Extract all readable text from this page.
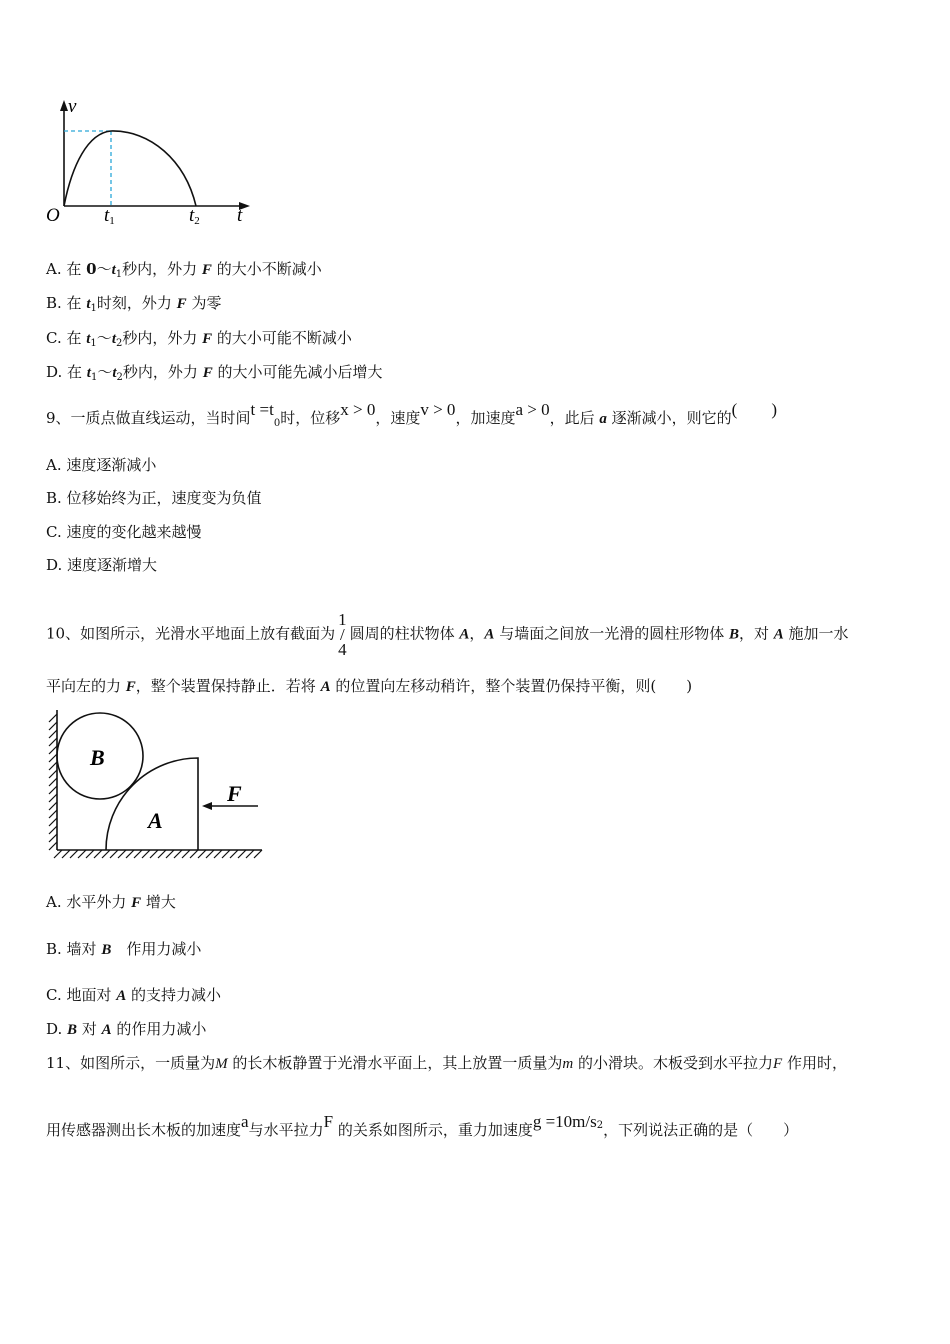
v
O t1	t2 t
B
A
F
A. 在 $0\sim t_1$秒内，外力 F 的大小不断减小
B. 在 $t_1$时刻，外力 F 为零
C. 在 $t_1\sim t_2$秒内，外力 F 的大小可能不断减小
D. 在 $t_1\sim t_2$秒内，外力 F 的大小可能先减小后增大
9、一质点做直线运动，当时间$t =t_0$时，位移x > 0，速度v > 0，加速度a > 0，此后 a 逐渐减小，则它的(　　)
A. 速度逐渐减小
B. 位移始终为正，速度变为负值
C. 速度的变化越来越慢
D. 速度逐渐增大
10、如图所示，光滑水平地面上放有截面为1/4圆周的柱状物体 A，A 与墙面之间放一光滑的圆柱形物体 B，对 A 施加一水
平向左的力 F，整个装置保持静止．若将 A 的位置向左移动稍许，整个装置仍保持平衡，则(　　)
A. 水平外力 F 增大
B. 墙对 B　作用力减小
C. 地面对 A 的支持力减小
D. B 对 A 的作用力减小
11、如图所示，一质量为M 的长木板静置于光滑水平面上，其上放置一质量为m 的小滑块。木板受到水平拉力F 作用时，
用传感器测出长木板的加速度a与水平拉力F 的关系如图所示，重力加速度$g =10m/s^2$，下列说法正确的是（　　）
